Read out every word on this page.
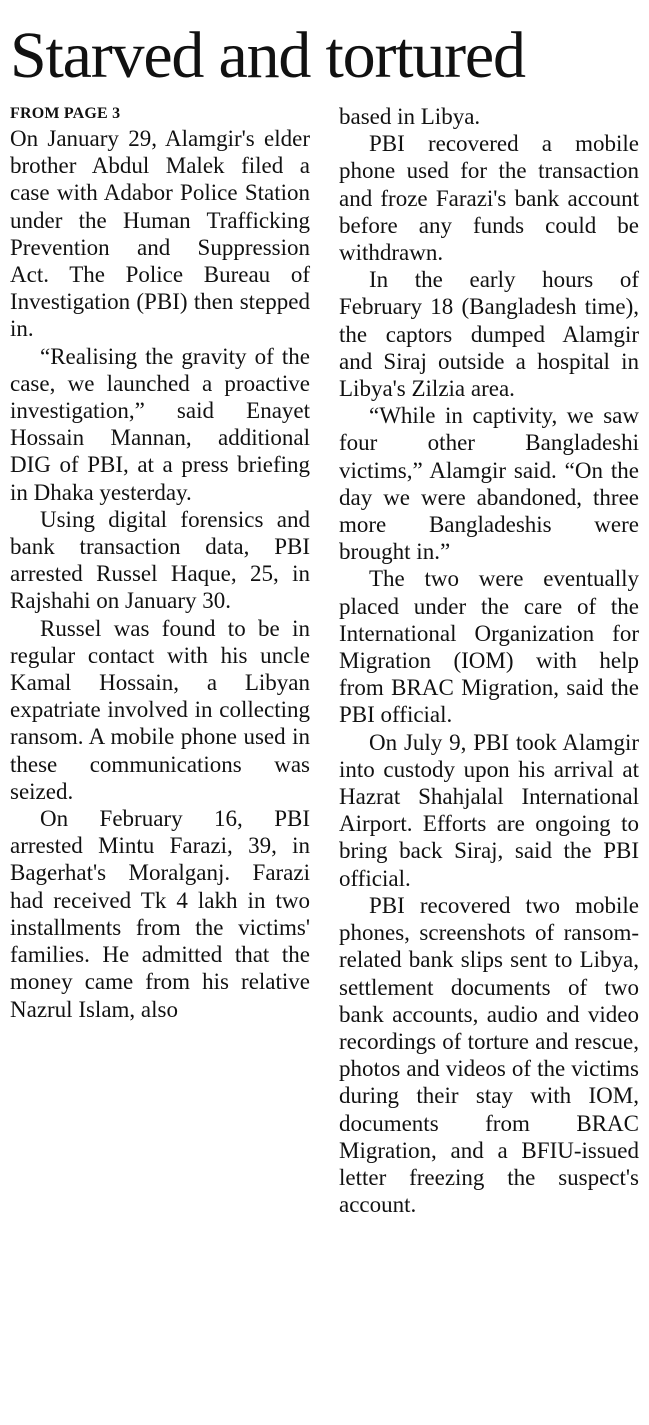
Starved and tortured
FROM PAGE 3

On January 29, Alamgir's elder brother Abdul Malek filed a case with Adabor Police Station under the Human Trafficking Prevention and Suppression Act. The Police Bureau of Investigation (PBI) then stepped in.

“Realising the gravity of the case, we launched a proactive investigation,” said Enayet Hossain Mannan, additional DIG of PBI, at a press briefing in Dhaka yesterday.

Using digital forensics and bank transaction data, PBI arrested Russel Haque, 25, in Rajshahi on January 30.

Russel was found to be in regular contact with his uncle Kamal Hossain, a Libyan expatriate involved in collecting ransom. A mobile phone used in these communications was seized.

On February 16, PBI arrested Mintu Farazi, 39, in Bagerhat's Moralganj. Farazi had received Tk 4 lakh in two installments from the victims' families. He admitted that the money came from his relative Nazrul Islam, also

based in Libya.

PBI recovered a mobile phone used for the transaction and froze Farazi's bank account before any funds could be withdrawn.

In the early hours of February 18 (Bangladesh time), the captors dumped Alamgir and Siraj outside a hospital in Libya's Zilzia area.

“While in captivity, we saw four other Bangladeshi victims,” Alamgir said. “On the day we were abandoned, three more Bangladeshis were brought in.”

The two were eventually placed under the care of the International Organization for Migration (IOM) with help from BRAC Migration, said the PBI official.

On July 9, PBI took Alamgir into custody upon his arrival at Hazrat Shahjalal International Airport. Efforts are ongoing to bring back Siraj, said the PBI official.

PBI recovered two mobile phones, screenshots of ransom-related bank slips sent to Libya, settlement documents of two bank accounts, audio and video recordings of torture and rescue, photos and videos of the victims during their stay with IOM, documents from BRAC Migration, and a BFIU-issued letter freezing the suspect's account.
